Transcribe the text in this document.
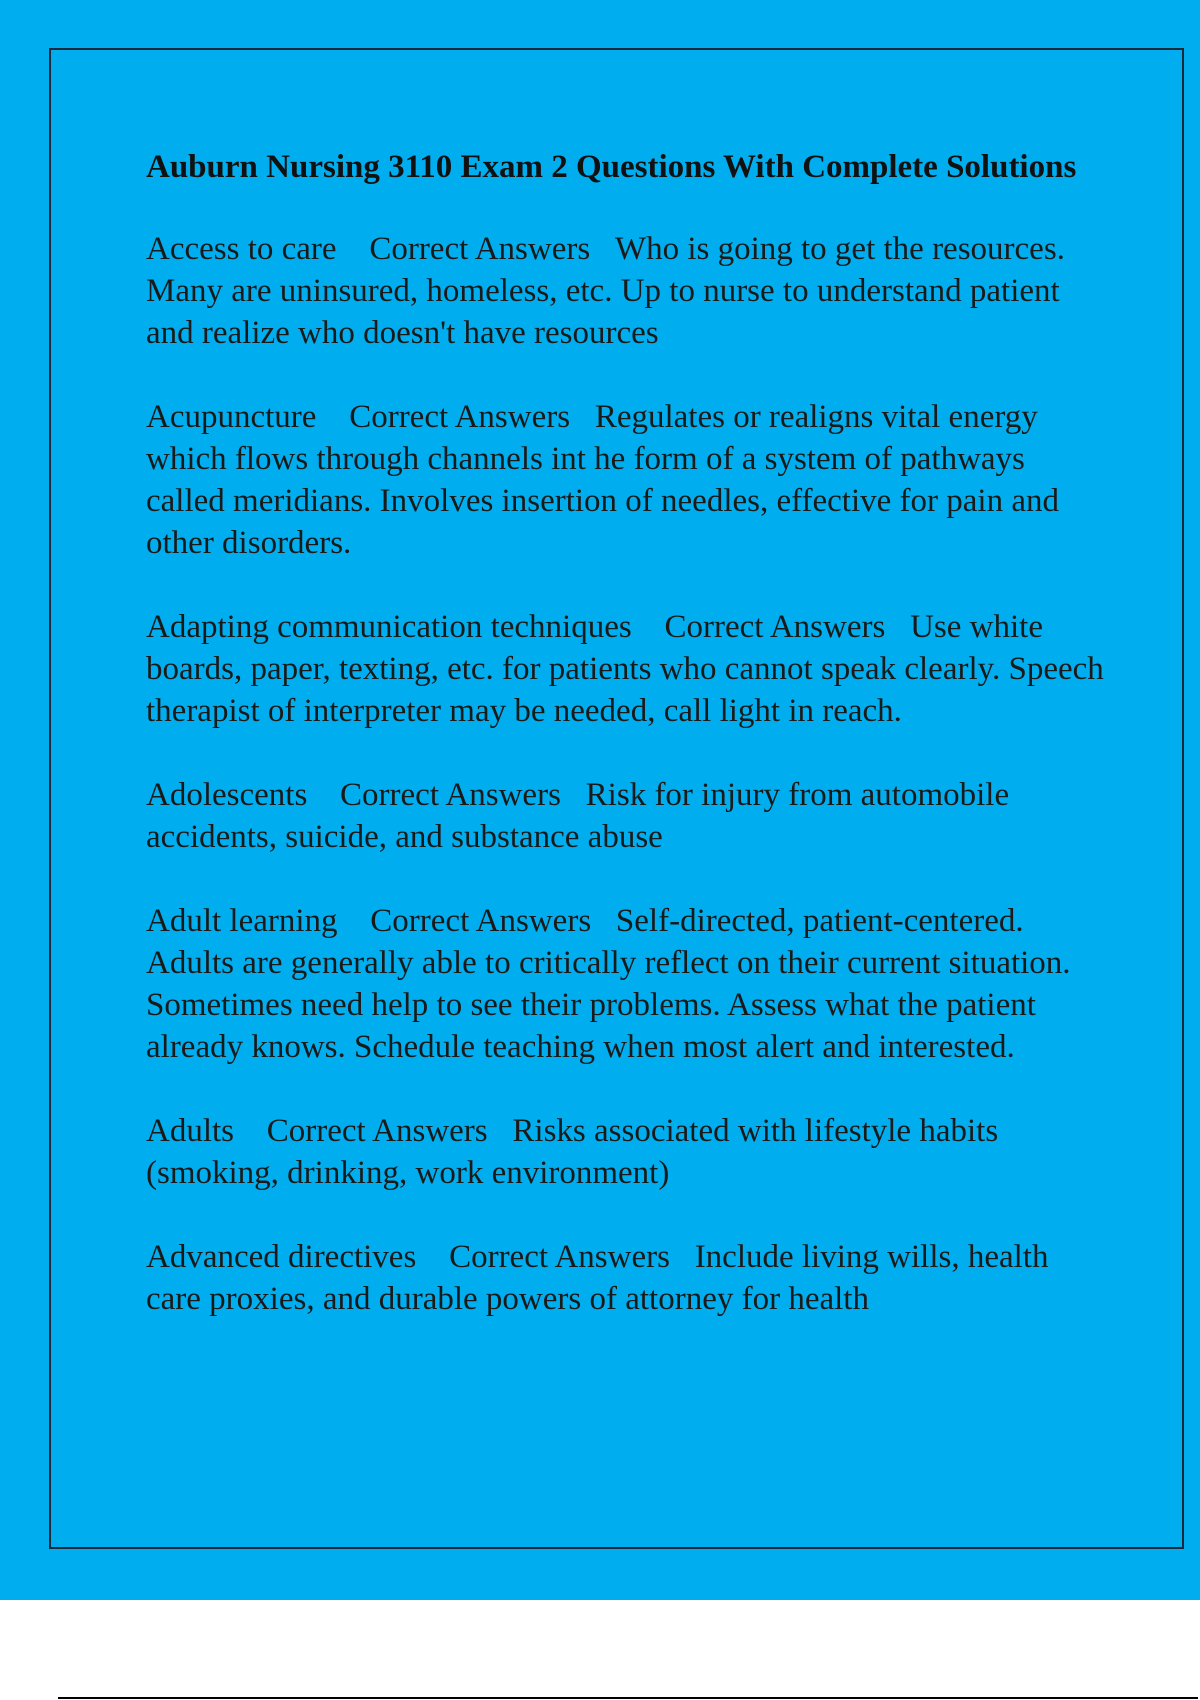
Auburn Nursing 3110 Exam 2 Questions With Complete Solutions
Access to care Correct Answers Who is going to get the resources. Many are uninsured, homeless, etc. Up to nurse to understand patient and realize who doesn't have resources
Acupuncture Correct Answers Regulates or realigns vital energy which flows through channels int he form of a system of pathways called meridians. Involves insertion of needles, effective for pain and other disorders.
Adapting communication techniques Correct Answers Use white boards, paper, texting, etc. for patients who cannot speak clearly. Speech therapist of interpreter may be needed, call light in reach.
Adolescents Correct Answers Risk for injury from automobile accidents, suicide, and substance abuse
Adult learning Correct Answers Self-directed, patient-centered. Adults are generally able to critically reflect on their current situation. Sometimes need help to see their problems. Assess what the patient already knows. Schedule teaching when most alert and interested.
Adults Correct Answers Risks associated with lifestyle habits (smoking, drinking, work environment)
Advanced directives Correct Answers Include living wills, health care proxies, and durable powers of attorney for health
